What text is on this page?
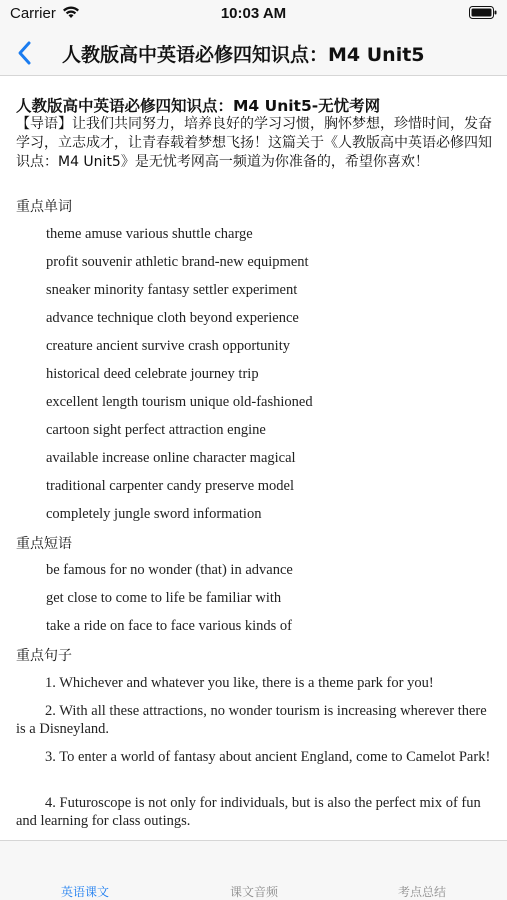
Carrier	10:03 AM
人教版高中英语必修四知识点：M4 Unit5
人教版高中英语必修四知识点：M4 Unit5-无忧考网
【导语】让我们共同努力，培养良好的学习习惯，胸怀梦想，珍惜时间，发奋学习，立志成才，让青春载着梦想飞扬！这篇关于《人教版高中英语必修四知识点：M4 Unit5》是无忧考网高一频道为你准备的，希望你喜欢！
重点单词
theme amuse various shuttle charge
profit souvenir athletic brand-new equipment
sneaker minority fantasy settler experiment
advance technique cloth beyond experience
creature ancient survive crash opportunity
historical deed celebrate journey trip
excellent length tourism unique old-fashioned
cartoon sight perfect attraction engine
available increase online character magical
traditional carpenter candy preserve model
completely jungle sword information
重点短语
be famous for no wonder (that) in advance
get close to come to life be familiar with
take a ride on face to face various kinds of
重点句子
1. Whichever and whatever you like, there is a theme park for you!
2. With all these attractions, no wonder tourism is increasing wherever there is a Disneyland.
3. To enter a world of fantasy about ancient England, come to Camelot Park!
4. Futuroscope is not only for individuals, but is also the perfect mix of fun and learning for class outings.
英语课文	课文音频	考点总结
